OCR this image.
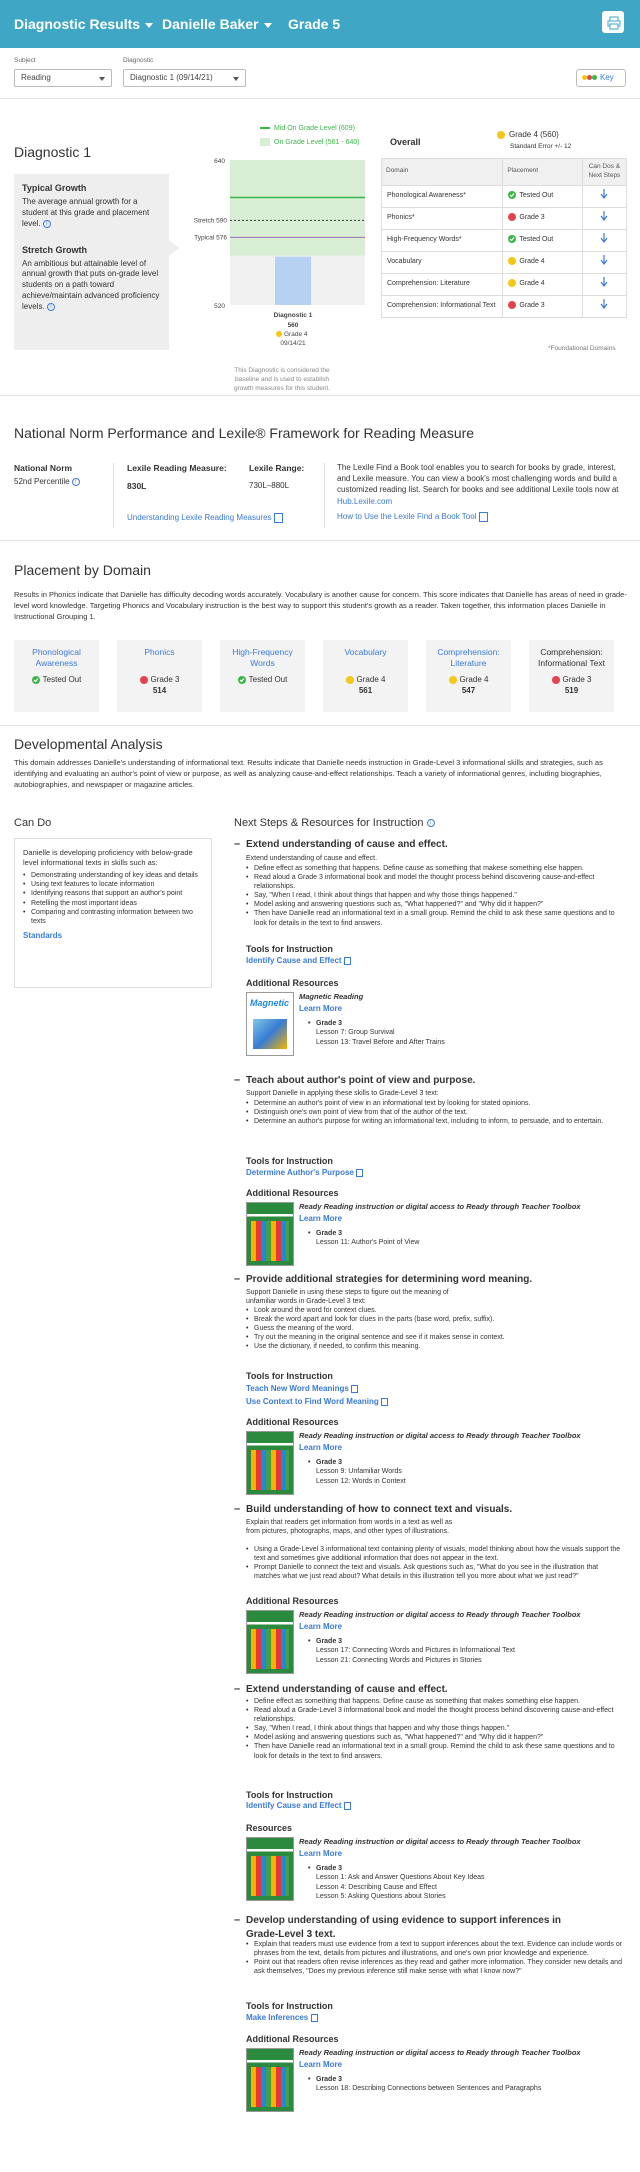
Diagnostic Results	Danielle Baker	Grade 5
Subject
Reading
Diagnostic
Diagnostic 1 (09/14/21)	Key
Diagnostic 1
Typical Growth
The average annual growth for a student at this grade and placement level. i
Stretch Growth
An ambitious but attainable level of annual growth that puts on-grade level students on a path toward achieve/maintain advanced proficiency levels. i
Mid On Grade Level (609)
On Grade Level (561 - 640)
640
520
Stretch 590
Typical 576
Diagnostic 1
560
Grade 4
09/14/21
This Diagnostic is considered the baseline and is used to establish growth measures for this student.
Overall
Grade 4 (560)
Standard Error +/- 12
Domain	Placement	Can Dos & Next Steps
Phonological Awareness*	Tested Out	
Phonics*	Grade 3	
High-Frequency Words*	Tested Out	
Vocabulary	Grade 4	
Comprehension: Literature	Grade 4	
Comprehension: Informational Text	Grade 3	
*Foundational Domains
National Norm Performance and Lexile® Framework for Reading Measure
National Norm
52nd Percentile i
Lexile Reading Measure:
830L
Lexile Range:
730L–880L
Understanding Lexile Reading Measures
The Lexile Find a Book tool enables you to search for books by grade, interest, and Lexile measure. You can view a book's most challenging words and build a customized reading list. Search for books and see additional Lexile tools now at Hub.Lexile.com
How to Use the Lexile Find a Book Tool
Placement by Domain
Results in Phonics indicate that Danielle has difficulty decoding words accurately. Vocabulary is another cause for concern. This score indicates that Danielle has areas of need in grade-level word knowledge. Targeting Phonics and Vocabulary instruction is the best way to support this student's growth as a reader. Taken together, this information places Danielle in Instructional Grouping 1.
Phonological Awareness
Tested Out
Phonics
Grade 3
514
High-Frequency Words
Tested Out
Vocabulary
Grade 4
561
Comprehension: Literature
Grade 4
547
Comprehension: Informational Text
Grade 3
519
Developmental Analysis
This domain addresses Danielle's understanding of informational text. Results indicate that Danielle needs instruction in Grade-Level 3 informational skills and strategies, such as identifying and evaluating an author's point of view or purpose, as well as analyzing cause-and-effect relationships. Teach a variety of informational genres, including biographies, autobiographies, and newspaper or magazine articles.
Can Do
Danielle is developing proficiency with below-grade level informational texts in skills such as:
• Demonstrating understanding of key ideas and details
• Using text features to locate information
• Identifying reasons that support an author's point
• Retelling the most important ideas
• Comparing and contrasting information between two texts
Standards
Next Steps & Resources for Instruction i
– Extend understanding of cause and effect.
Extend understanding of cause and effect.
• Define effect as something that happens. Define cause as something that makese something else happen.
• Read aloud a Grade 3 informational book and model the thought process behind discovering cause-and-effect relationships.
• Say, "When I read, I think about things that happen and why those things happened."
• Model asking and answering questions such as, "What happened?" and "Why did it happen?"
• Then have Danielle read an informational text in a small group. Remind the child to ask these same questions and to look for details in the text to find answers.
Tools for Instruction
Identify Cause and Effect
Additional Resources
Magnetic
Magnetic Reading
Learn More
• Grade 3
Lesson 7: Group Survival
Lesson 13: Travel Before and After Trains
– Teach about author's point of view and purpose.
Support Danielle in applying these skills to Grade-Level 3 text:
• Determine an author's point of view in an informational text by looking for stated opinions.
• Distinguish one's own point of view from that of the author of the text.
• Determine an author's purpose for writing an informational text, including to inform, to persuade, and to entertain.
Tools for Instruction
Determine Author's Purpose
Additional Resources
Ready Reading instruction or digital access to Ready through Teacher Toolbox
Learn More
• Grade 3
Lesson 11: Author's Point of View
– Provide additional strategies for determining word meaning.
Support Danielle in using these steps to figure out the meaning of unfamiliar words in Grade-Level 3 text:
• Look around the word for context clues.
• Break the word apart and look for clues in the parts (base word, prefix, suffix).
• Guess the meaning of the word.
• Try out the meaning in the original sentence and see if it makes sense in context.
• Use the dictionary, if needed, to confirm this meaning.
Tools for Instruction
Teach New Word Meanings
Use Context to Find Word Meaning
Additional Resources
Ready Reading instruction or digital access to Ready through Teacher Toolbox
Learn More
• Grade 3
Lesson 9: Unfamiliar Words
Lesson 12: Words in Context
– Build understanding of how to connect text and visuals.
Explain that readers get information from words in a text as well as from pictures, photographs, maps, and other types of illustrations.
• Using a Grade-Level 3 informational text containing plenty of visuals, model thinking about how the visuals support the text and sometimes give additional information that does not appear in the text.
• Prompt Danielle to connect the text and visuals. Ask questions such as, "What do you see in the illustration that matches what we just read about? What details in this illustration tell you more about what we just read?"
Additional Resources
Ready Reading instruction or digital access to Ready through Teacher Toolbox
Learn More
• Grade 3
Lesson 17: Connecting Words and Pictures in Informational Text
Lesson 21: Connecting Words and Pictures in Stories
– Extend understanding of cause and effect.
• Define effect as something that happens. Define cause as something that makes something else happen.
• Read aloud a Grade-Level 3 informational book and model the thought process behind discovering cause-and-effect relationships.
• Say, "When I read, I think about things that happen and why those things happen."
• Model asking and answering questions such as, "What happened?" and "Why did it happen?"
• Then have Danielle read an informational text in a small group. Remind the child to ask these same questions and to look for details in the text to find answers.
Tools for Instruction
Identify Cause and Effect
Resources
Ready Reading instruction or digital access to Ready through Teacher Toolbox
Learn More
• Grade 3
Lesson 1: Ask and Answer Questions About Key Ideas
Lesson 4: Describing Cause and Effect
Lesson 5: Asking Questions about Stories
– Develop understanding of using evidence to support inferences in Grade-Level 3 text.
• Explain that readers must use evidence from a text to support inferences about the text. Evidence can include words or phrases from the text, details from pictures and illustrations, and one's own prior knowledge and experience.
• Point out that readers often revise inferences as they read and gather more information. They consider new details and ask themselves, "Does my previous inference still make sense with what I know now?"
Tools for Instruction
Make Inferences
Additional Resources
Ready Reading instruction or digital access to Ready through Teacher Toolbox
Learn More
• Grade 3
Lesson 18: Describing Connections between Sentences and Paragraphs
